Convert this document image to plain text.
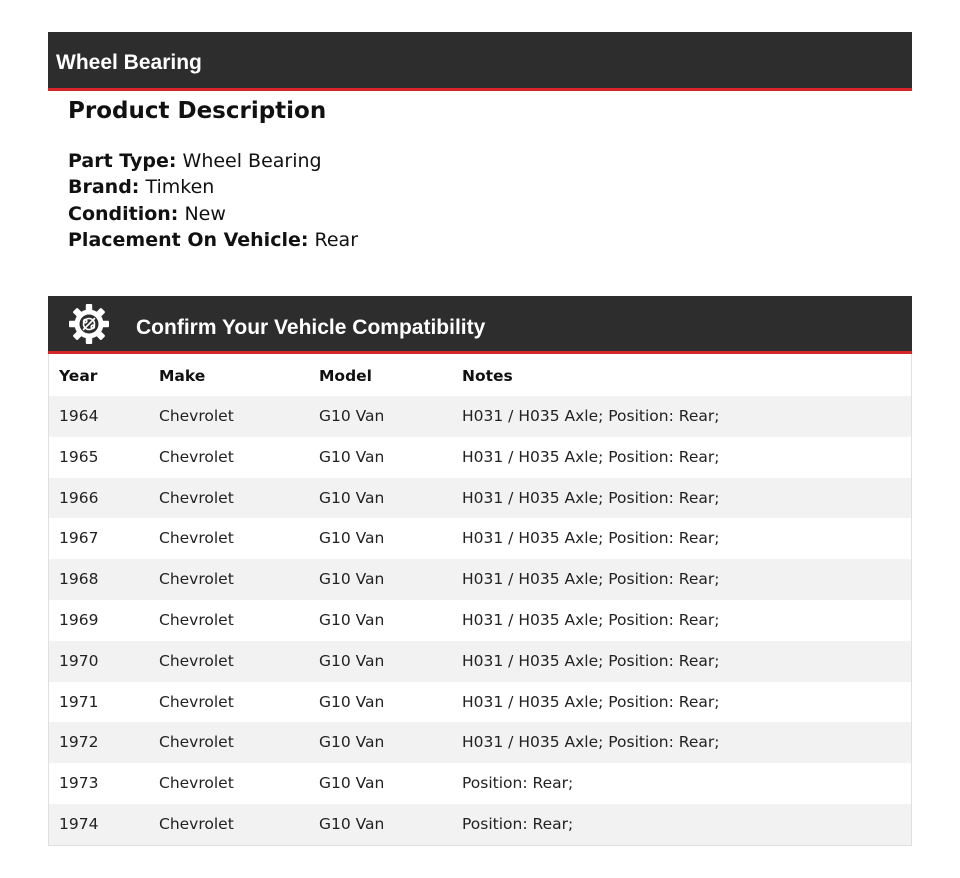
Wheel Bearing
Product Description
Part Type: Wheel Bearing
Brand: Timken
Condition: New
Placement On Vehicle: Rear
Confirm Your Vehicle Compatibility
Year	Make	Model	Notes
1964	Chevrolet	G10 Van	H031 / H035 Axle; Position: Rear;
1965	Chevrolet	G10 Van	H031 / H035 Axle; Position: Rear;
1966	Chevrolet	G10 Van	H031 / H035 Axle; Position: Rear;
1967	Chevrolet	G10 Van	H031 / H035 Axle; Position: Rear;
1968	Chevrolet	G10 Van	H031 / H035 Axle; Position: Rear;
1969	Chevrolet	G10 Van	H031 / H035 Axle; Position: Rear;
1970	Chevrolet	G10 Van	H031 / H035 Axle; Position: Rear;
1971	Chevrolet	G10 Van	H031 / H035 Axle; Position: Rear;
1972	Chevrolet	G10 Van	H031 / H035 Axle; Position: Rear;
1973	Chevrolet	G10 Van	Position: Rear;
1974	Chevrolet	G10 Van	Position: Rear;
